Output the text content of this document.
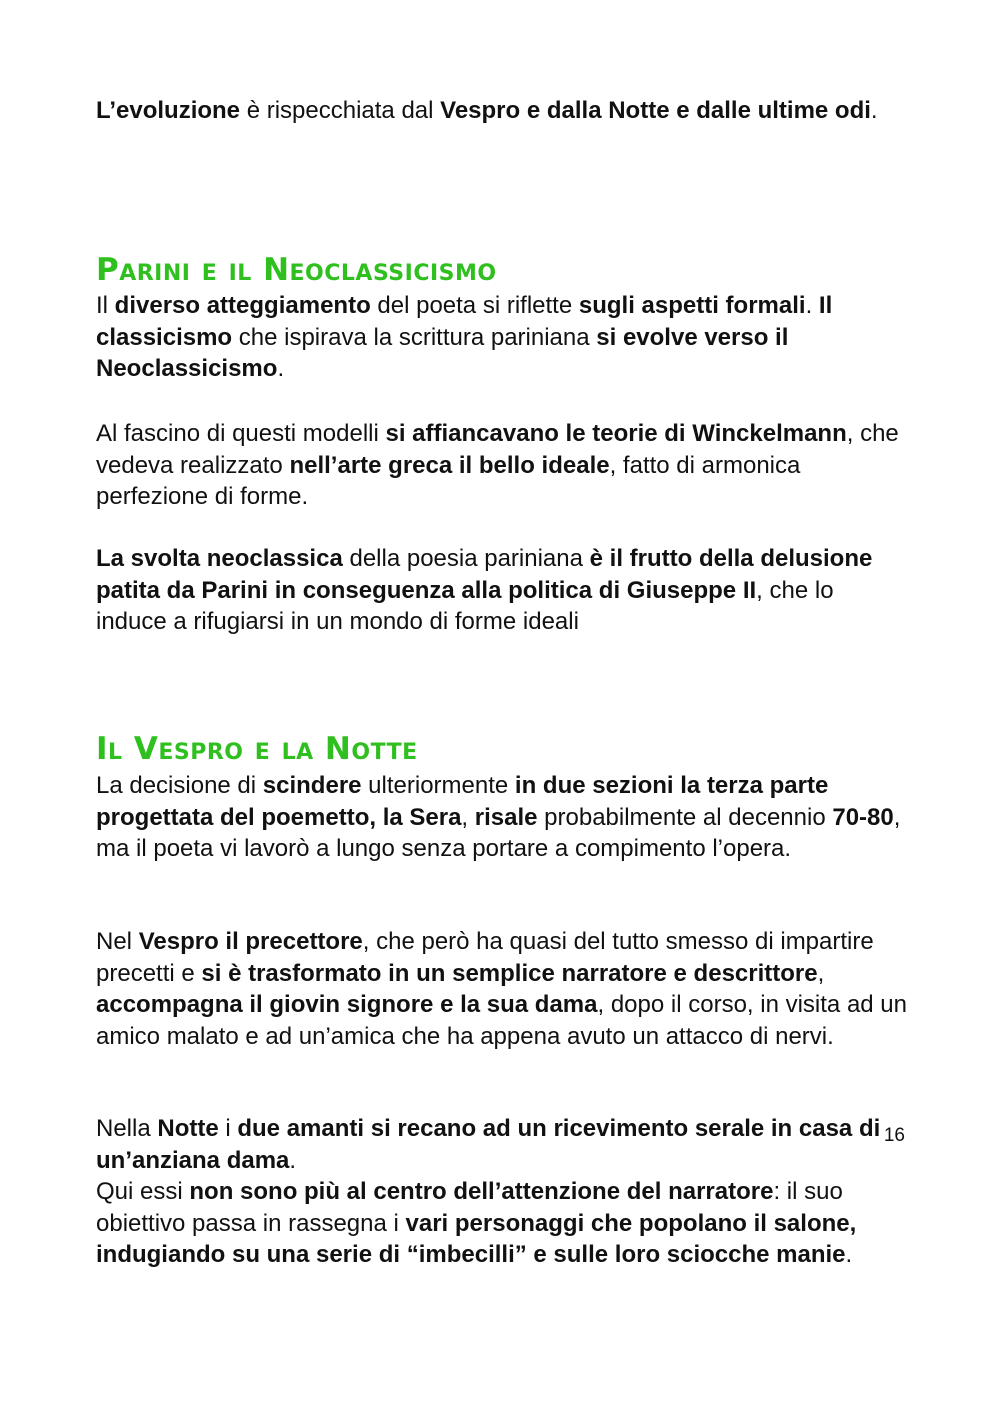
L’evoluzione è rispecchiata dal Vespro e dalla Notte e dalle ultime odi.

Parini e il Neoclassicismo

Il diverso atteggiamento del poeta si riflette sugli aspetti formali. Il classicismo che ispirava la scrittura pariniana si evolve verso il Neoclassicismo.

Al fascino di questi modelli si affiancavano le teorie di Winckelmann, che vedeva realizzato nell’arte greca il bello ideale, fatto di armonica perfezione di forme.

La svolta neoclassica della poesia pariniana è il frutto della delusione patita da Parini in conseguenza alla politica di Giuseppe II, che lo induce a rifugiarsi in un mondo di forme ideali

Il Vespro e la Notte

La decisione di scindere ulteriormente in due sezioni la terza parte progettata del poemetto, la Sera, risale probabilmente al decennio 70-80, ma il poeta vi lavorò a lungo senza portare a compimento l’opera.

Nel Vespro il precettore, che però ha quasi del tutto smesso di impartire precetti e si è trasformato in un semplice narratore e descrittore, accompagna il giovin signore e la sua dama, dopo il corso, in visita ad un amico malato e ad un’amica che ha appena avuto un attacco di nervi.

Nella Notte i due amanti si recano ad un ricevimento serale in casa di un’anziana dama.

Qui essi non sono più al centro dell’attenzione del narratore: il suo obiettivo passa in rassegna i vari personaggi che popolano il salone, indugiando su una serie di “imbecilli” e sulle loro sciocche manie.

16
